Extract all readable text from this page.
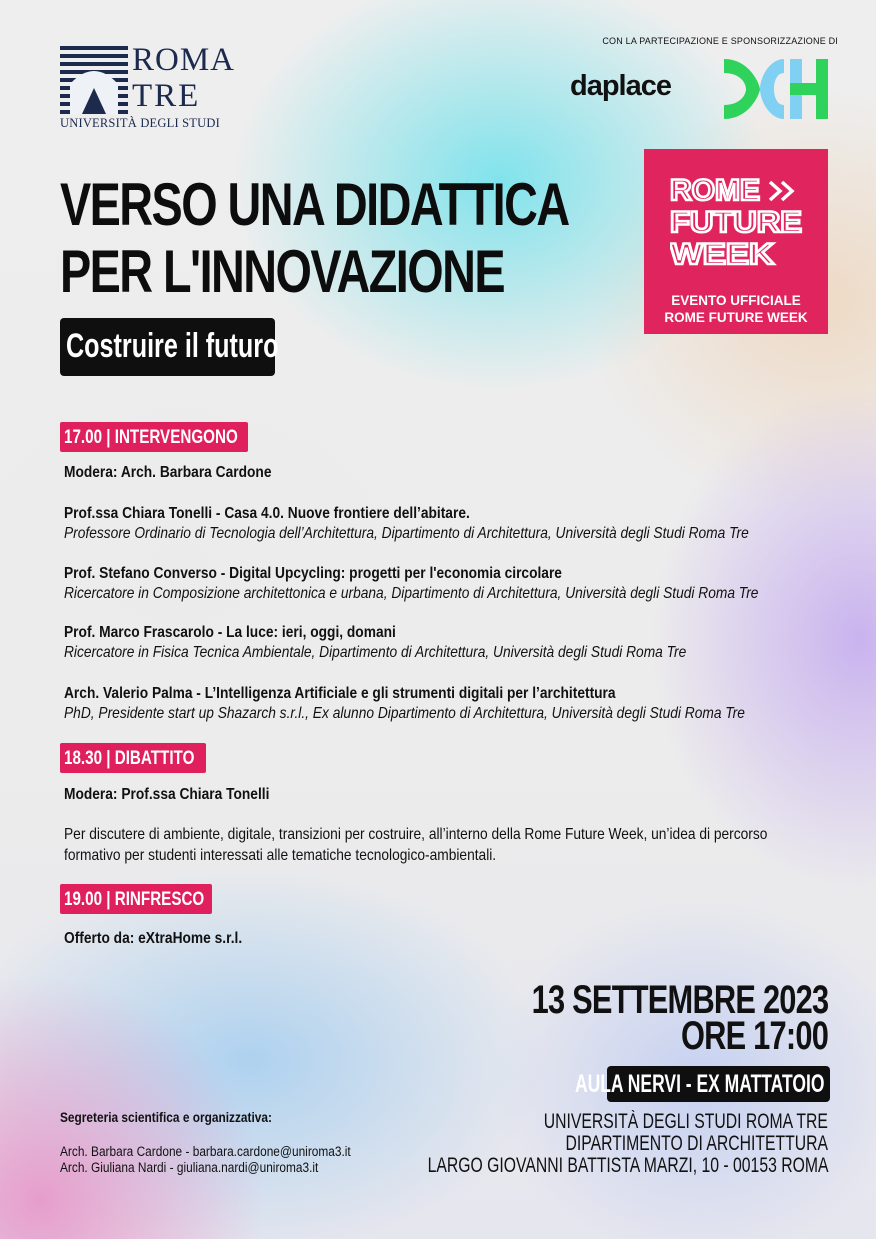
ROMA
TRE
UNIVERSITÀ DEGLI STUDI
CON LA PARTECIPAZIONE E SPONSORIZZAZIONE DI
daplace
ROME
FUTURE
WEEK
EVENTO UFFICIALE
ROME FUTURE WEEK
VERSO UNA DIDATTICA
PER L'INNOVAZIONE
Costruire il futuro
17.00 | INTERVENGONO
Modera: Arch. Barbara Cardone
Prof.ssa Chiara Tonelli - Casa 4.0. Nuove frontiere dell’abitare.
Professore Ordinario di Tecnologia dell’Architettura, Dipartimento di Architettura, Università degli Studi Roma Tre
Prof. Stefano Converso - Digital Upcycling: progetti per l'economia circolare
Ricercatore in Composizione architettonica e urbana, Dipartimento di Architettura, Università degli Studi Roma Tre
Prof. Marco Frascarolo - La luce: ieri, oggi, domani
Ricercatore in Fisica Tecnica Ambientale, Dipartimento di Architettura, Università degli Studi Roma Tre
Arch. Valerio Palma - L’Intelligenza Artificiale e gli strumenti digitali per l’architettura
PhD, Presidente start up Shazarch s.r.l., Ex alunno Dipartimento di Architettura, Università degli Studi Roma Tre
18.30 | DIBATTITO
Modera: Prof.ssa Chiara Tonelli
Per discutere di ambiente, digitale, transizioni per costruire, all’interno della Rome Future Week, un’idea di percorso
formativo per studenti interessati alle tematiche tecnologico-ambientali.
19.00 | RINFRESCO
Offerto da: eXtraHome s.r.l.
13 SETTEMBRE 2023
ORE 17:00
AULA NERVI - EX MATTATOIO
UNIVERSITÀ DEGLI STUDI ROMA TRE
DIPARTIMENTO DI ARCHITETTURA
LARGO GIOVANNI BATTISTA MARZI, 10 - 00153 ROMA
Segreteria scientifica e organizzativa:
Arch. Barbara Cardone - barbara.cardone@uniroma3.it
Arch. Giuliana Nardi - giuliana.nardi@uniroma3.it
